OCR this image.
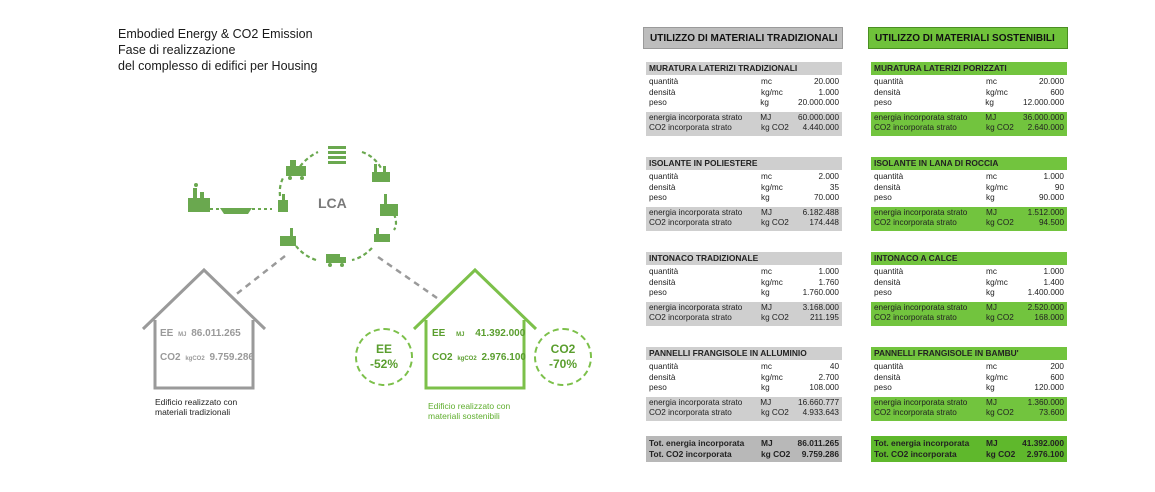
Embodied Energy & CO2 Emission
Fase di realizzazione
del complesso di edifici per Housing
LCA
EE MJ 86.011.265
CO2 kgCO2 9.759.286
Edificio realizzato con
materiali tradizionali
EE MJ 41.392.000
CO2 kgCO2 2.976.100
Edificio realizzato con
materiali sostenibili
EE
-52%
CO2
-70%
UTILIZZO DI MATERIALI TRADIZIONALI	UTILIZZO DI MATERIALI SOSTENIBILI
MURATURA LATERIZI TRADIZIONALI
quantità	mc	20.000
densità	kg/mc	1.000
peso	kg	20.000.000
energia incorporata strato	MJ	60.000.000
CO2 incorporata strato	kg CO2	4.440.000
ISOLANTE IN POLIESTERE
quantità	mc	2.000
densità	kg/mc	35
peso	kg	70.000
energia incorporata strato	MJ	6.182.488
CO2 incorporata strato	kg CO2	174.448
INTONACO TRADIZIONALE
quantità	mc	1.000
densità	kg/mc	1.760
peso	kg	1.760.000
energia incorporata strato	MJ	3.168.000
CO2 incorporata strato	kg CO2	211.195
PANNELLI FRANGISOLE IN ALLUMINIO
quantità	mc	40
densità	kg/mc	2.700
peso	kg	108.000
energia incorporata strato	MJ	16.660.777
CO2 incorporata strato	kg CO2	4.933.643
MURATURA LATERIZI PORIZZATI
quantità	mc	20.000
densità	kg/mc	600
peso	kg	12.000.000
energia incorporata strato	MJ	36.000.000
CO2 incorporata strato	kg CO2	2.640.000
ISOLANTE IN LANA DI ROCCIA
quantità	mc	1.000
densità	kg/mc	90
peso	kg	90.000
energia incorporata strato	MJ	1.512.000
CO2 incorporata strato	kg CO2	94.500
INTONACO A CALCE
quantità	mc	1.000
densità	kg/mc	1.400
peso	kg	1.400.000
energia incorporata strato	MJ	2.520.000
CO2 incorporata strato	kg CO2	168.000
PANNELLI FRANGISOLE IN BAMBU'
quantità	mc	200
densità	kg/mc	600
peso	kg	120.000
energia incorporata strato	MJ	1.360.000
CO2 incorporata strato	kg CO2	73.600
Tot. energia incorporata	MJ	86.011.265
Tot. CO2 incorporata	kg CO2	9.759.286
Tot. energia incorporata	MJ	41.392.000
Tot. CO2 incorporata	kg CO2	2.976.100
